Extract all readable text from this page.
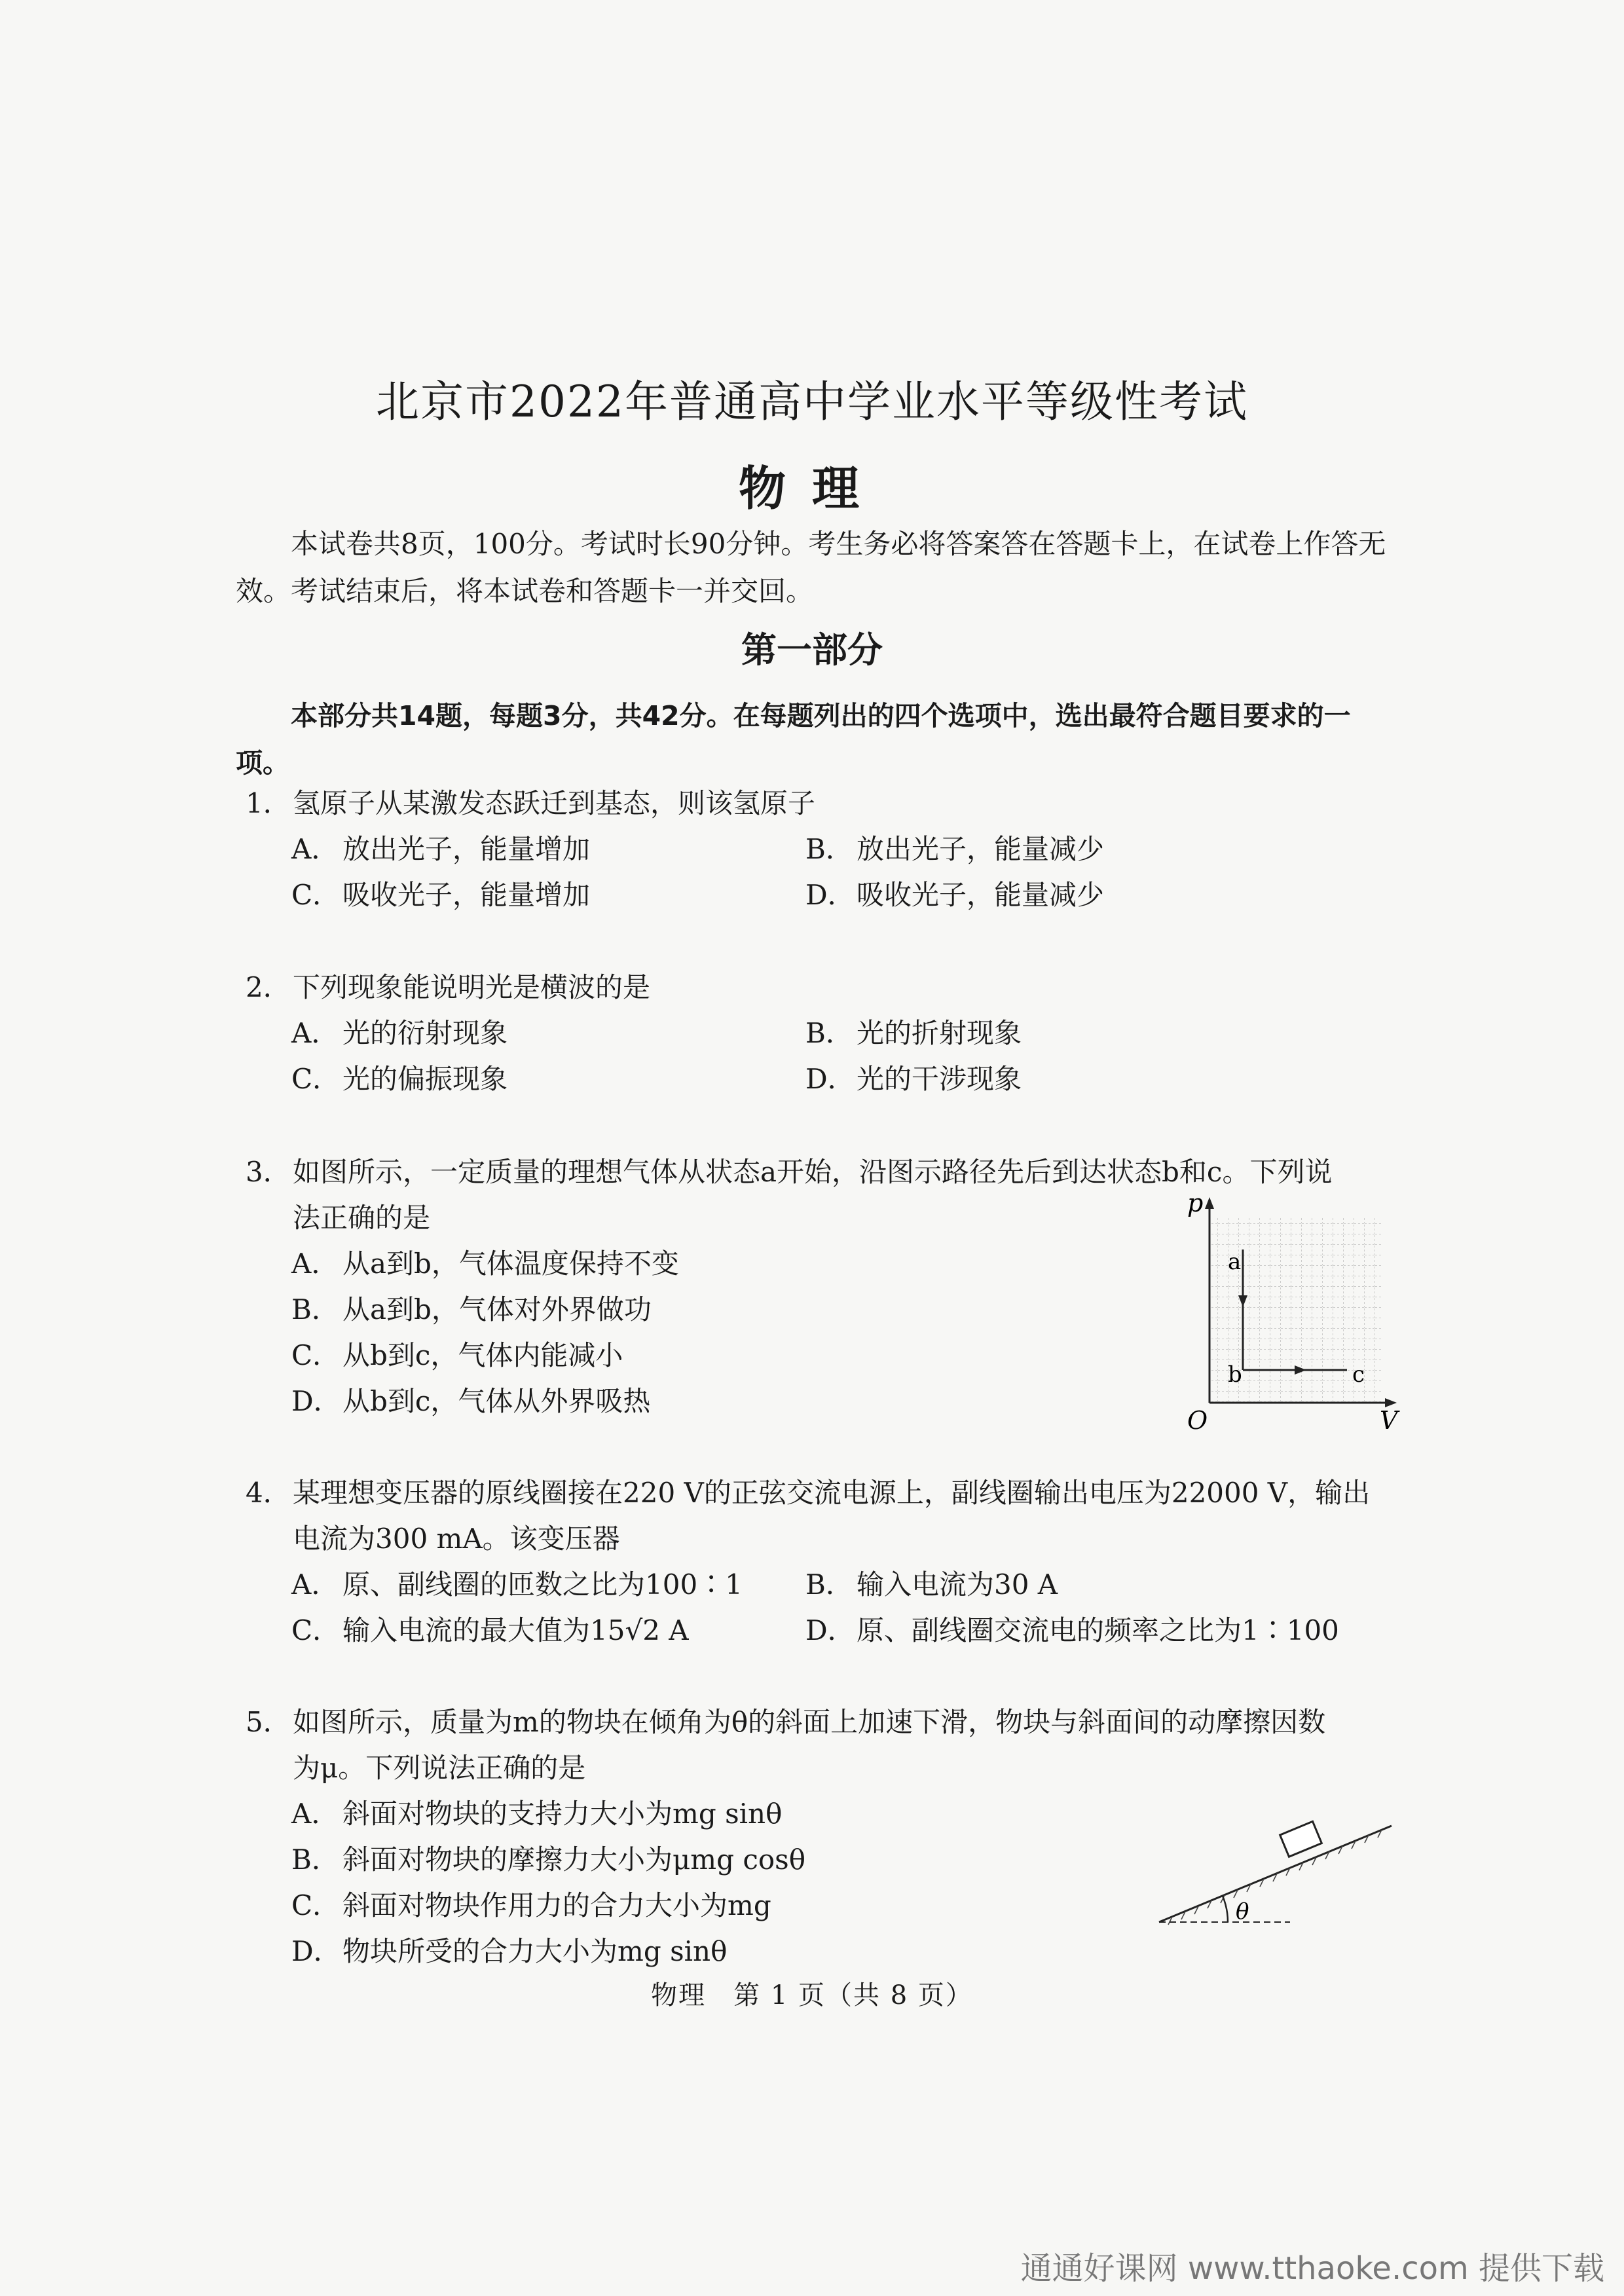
北京市2022年普通高中学业水平等级性考试
物理
本试卷共8页，100分。考试时长90分钟。考生务必将答案答在答题卡上，在试卷上作答无效。考试结束后，将本试卷和答题卡一并交回。
第一部分
本部分共14题，每题3分，共42分。在每题列出的四个选项中，选出最符合题目要求的一项。
1．氢原子从某激发态跃迁到基态，则该氢原子
A． 放出光子，能量增加	B． 放出光子，能量减少
C．吸收光子，能量增加	D．吸收光子，能量减少
2．下列现象能说明光是横波的是
A． 光的衍射现象	B． 光的折射现象
C．光的偏振现象	D．光的干涉现象
3．如图所示，一定质量的理想气体从状态a开始，沿图示路径先后到达状态b和c。下列说
法正确的是
A． 从a到b，气体温度保持不变
B． 从a到b，气体对外界做功
C．从b到c，气体内能减小
D．从b到c，气体从外界吸热
p
V
O
a
b	c
4．某理想变压器的原线圈接在220 V的正弦交流电源上，副线圈输出电压为22000 V，输出
电流为300 mA。该变压器
A． 原、副线圈的匝数之比为100∶1 B． 输入电流为30 A
C．输入电流的最大值为15√2 A	D．原、副线圈交流电的频率之比为1∶100
5．如图所示，质量为m的物块在倾角为θ的斜面上加速下滑，物块与斜面间的动摩擦因数
为μ。下列说法正确的是
A． 斜面对物块的支持力大小为mg sinθ
B． 斜面对物块的摩擦力大小为μmg cosθ
C．斜面对物块作用力的合力大小为mg
D．物块所受的合力大小为mg sinθ
θ
物理　第 1 页（共 8 页）
通通好课网 www.tthaoke.com 提供下载
